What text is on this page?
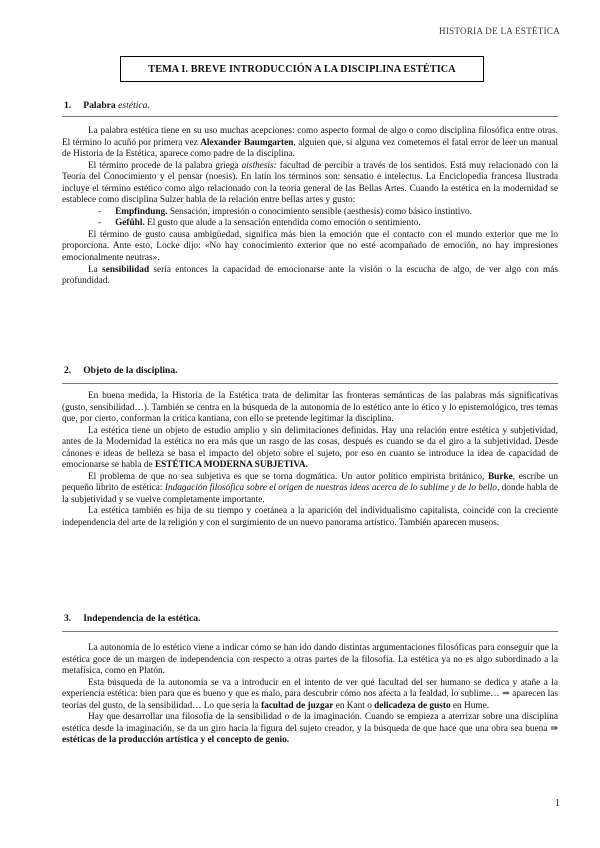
HISTORIA DE LA ESTÉTICA
TEMA I. BREVE INTRODUCCIÓN A LA DISCIPLINA ESTÉTICA
1. Palabra estética.

La palabra estética tiene en su uso muchas acepciones: como aspecto formal de algo o como disciplina filosófica entre otras. El término lo acuñó por primera vez Alexander Baumgarten, alguien que, si alguna vez cometemos el fatal error de leer un manual de Historia de la Estética, aparece como padre de la disciplina.

El término procede de la palabra griega aisthesis: facultad de percibir a través de los sentidos. Está muy relacionado con la Teoría del Conocimiento y el pensar (noesis). En latín los términos son: sensatio e intelectus. La Enciclopedia francesa Ilustrada incluye el término estético como algo relacionado con la teoría general de las Bellas Artes. Cuando la estética en la modernidad se establece como disciplina Sulzer habla de la relación entre bellas artes y gusto:

- Empfindung. Sensación, impresión o conocimiento sensible (aesthesis) como básico instintivo.
- Gefühl. El gusto que alude a la sensación entendida como emoción o sentimiento.

El término de gusto causa ambigüedad, significa más bien la emoción que el contacto con el mundo exterior que me lo proporciona. Ante esto, Locke dijo: «No hay conocimiento exterior que no esté acompañado de emoción, no hay impresiones emocionalmente neutras».

La sensibilidad sería entonces la capacidad de emocionarse ante la visión o la escucha de algo, de ver algo con más profundidad.

2. Objeto de la disciplina.

En buena medida, la Historia de la Estética trata de delimitar las fronteras semánticas de las palabras más significativas (gusto, sensibilidad…). También se centra en la búsqueda de la autonomía de lo estético ante lo ético y lo epistemológico, tres temas que, por cierto, conforman la crítica kantiana, con ello se pretende legitimar la disciplina.

La estética tiene un objeto de estudio amplio y sin delimitaciones definidas. Hay una relación entre estética y subjetividad, antes de la Modernidad la estética no era más que un rasgo de las cosas, después es cuando se da el giro a la subjetividad. Desde cánones e ideas de belleza se basa el impacto del objeto sobre el sujeto, por eso en cuanto se introduce la idea de capacidad de emocionarse se habla de ESTÉTICA MODERNA SUBJETIVA.

El problema de que no sea subjetiva es que se torna dogmática. Un autor político empirista británico, Burke, escribe un pequeño librito de estética: Indagación filosófica sobre el origen de nuestras ideas acerca de lo sublime y de lo bello, donde habla de la subjetividad y se vuelve completamente importante.

La estética también es hija de su tiempo y coetánea a la aparición del individualismo capitalista, coincide con la creciente independencia del arte de la religión y con el surgimiento de un nuevo panorama artístico. También aparecen museos.

3. Independencia de la estética.

La autonomía de lo estético viene a indicar cómo se han ido dando distintas argumentaciones filosóficas para conseguir que la estética goce de un margen de independencia con respecto a otras partes de la filosofía. La estética ya no es algo subordinado a la metafísica, como en Platón.

Esta búsqueda de la autonomía se va a introducir en el intento de ver qué facultad del ser humano se dedica y atañe a la experiencia estética: bien para que es bueno y que es malo, para descubrir cómo nos afecta a la fealdad, lo sublime… ⇒ aparecen las teorías del gusto, de la sensibilidad… Lo que sería la facultad de juzgar en Kant o delicadeza de gusto en Hume.

Hay que desarrollar una filosofía de la sensibilidad o de la imaginación. Cuando se empieza a aterrizar sobre una disciplina estética desde la imaginación, se da un giro hacia la figura del sujeto creador, y la búsqueda de que hace que una obra sea buena ⇒ estéticas de la producción artística y el concepto de genio.

1
